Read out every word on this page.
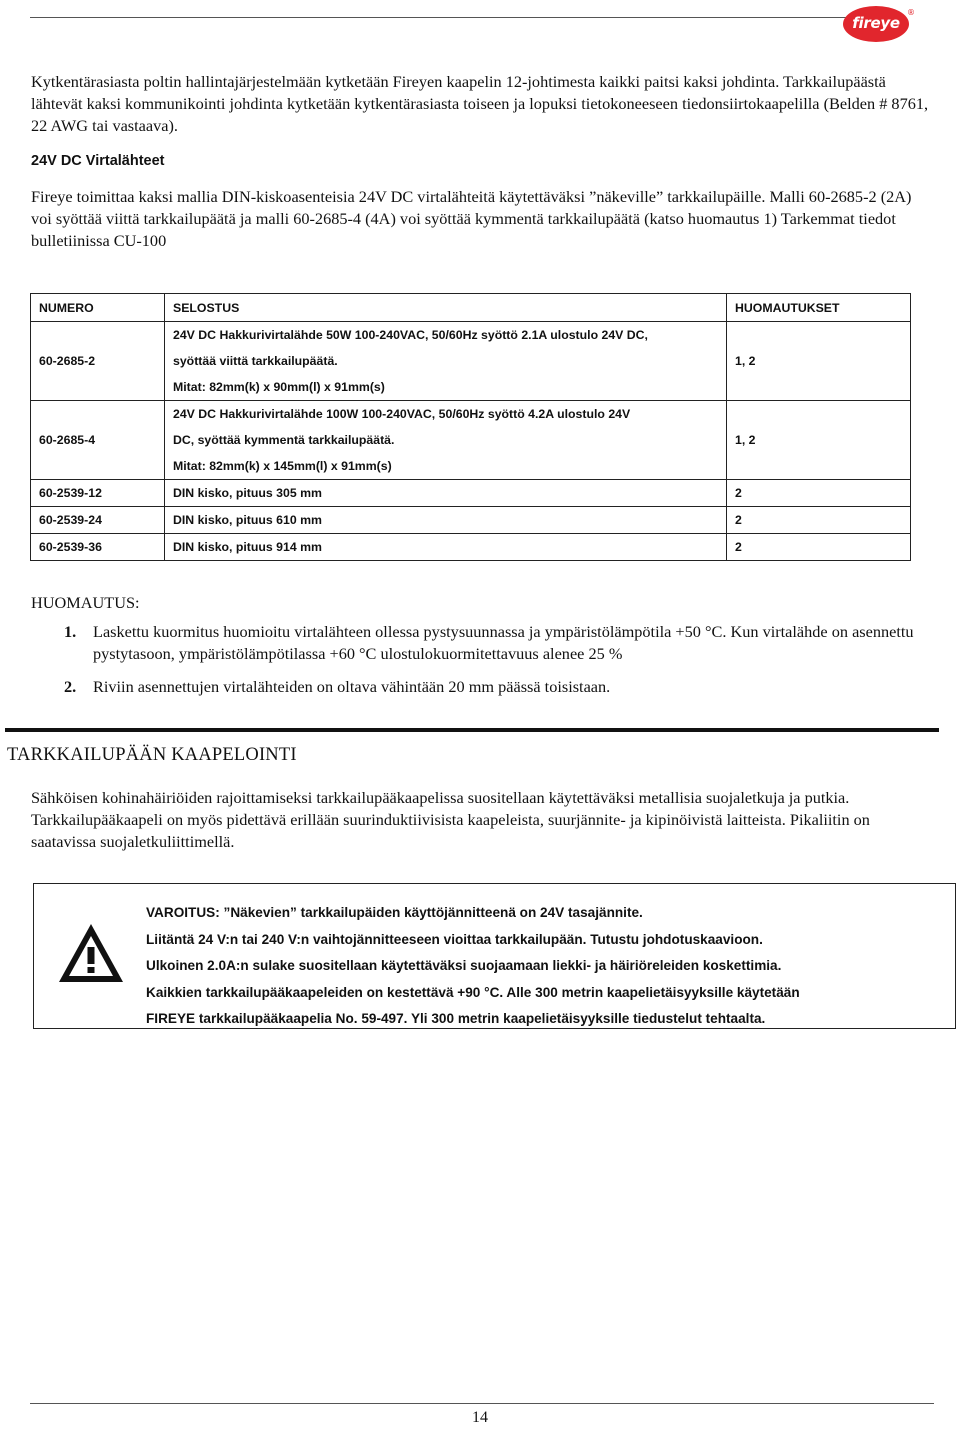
fireye
®
Kytkentärasiasta poltin hallintajärjestelmään kytketään Fireyen kaapelin 12-johtimesta kaikki paitsi kaksi johdinta. Tarkkailupäästä lähtevät kaksi kommunikointi johdinta kytketään kytkentärasiasta toiseen ja lopuksi tietokoneeseen tiedonsiirtokaapelilla (Belden # 8761, 22 AWG tai vastaava).
24V DC Virtalähteet
Fireye toimittaa kaksi mallia DIN-kiskoasenteisia 24V DC virtalähteitä käytettäväksi ”näkeville” tarkkailupäille. Malli 60-2685-2 (2A) voi syöttää viittä tarkkailupäätä ja malli 60-2685-4 (4A) voi syöttää kymmentä tarkkailupäätä (katso huomautus 1) Tarkemmat tiedot bulletiinissa CU-100
NUMERO	SELOSTUS	HUOMAUTUKSET
60-2685-2	24V DC Hakkurivirtalähde 50W 100-240VAC, 50/60Hz syöttö 2.1A ulostulo 24V DC,
syöttää viittä tarkkailupäätä.
Mitat: 82mm(k) x 90mm(l) x 91mm(s)	1, 2
60-2685-4	24V DC Hakkurivirtalähde 100W 100-240VAC, 50/60Hz syöttö 4.2A ulostulo 24V
DC, syöttää kymmentä tarkkailupäätä.
Mitat: 82mm(k) x 145mm(l) x 91mm(s)	1, 2
60-2539-12	DIN kisko, pituus 305 mm	2
60-2539-24	DIN kisko, pituus 610 mm	2
60-2539-36	DIN kisko, pituus 914 mm	2
HUOMAUTUS:
1. Laskettu kuormitus huomioitu virtalähteen ollessa pystysuunnassa ja ympäristölämpötila +50 °C. Kun virtalähde on asennettu pystytasoon, ympäristölämpötilassa +60 °C ulostulokuormitettavuus alenee 25 %
2. Riviin asennettujen virtalähteiden on oltava vähintään 20 mm päässä toisistaan.
TARKKAILUPÄÄN KAAPELOINTI
Sähköisen kohinahäiriöiden rajoittamiseksi tarkkailupääkaapelissa suositellaan käytettäväksi metallisia suojaletkuja ja putkia. Tarkkailupääkaapeli on myös pidettävä erillään suurinduktiivisista kaapeleista, suurjännite- ja kipinöivistä laitteista. Pikaliitin on saatavissa suojaletkuliittimellä.
VAROITUS: ”Näkevien” tarkkailupäiden käyttöjännitteenä on 24V tasajännite.
Liitäntä 24 V:n tai 240 V:n vaihtojännitteeseen vioittaa tarkkailupään. Tutustu johdotuskaavioon.
Ulkoinen 2.0A:n sulake suositellaan käytettäväksi suojaamaan liekki- ja häiriöreleiden koskettimia.
Kaikkien tarkkailupääkaapeleiden on kestettävä +90 °C. Alle 300 metrin kaapelietäisyyksille käytetään
FIREYE tarkkailupääkaapelia No. 59-497. Yli 300 metrin kaapelietäisyyksille tiedustelut tehtaalta.
14
